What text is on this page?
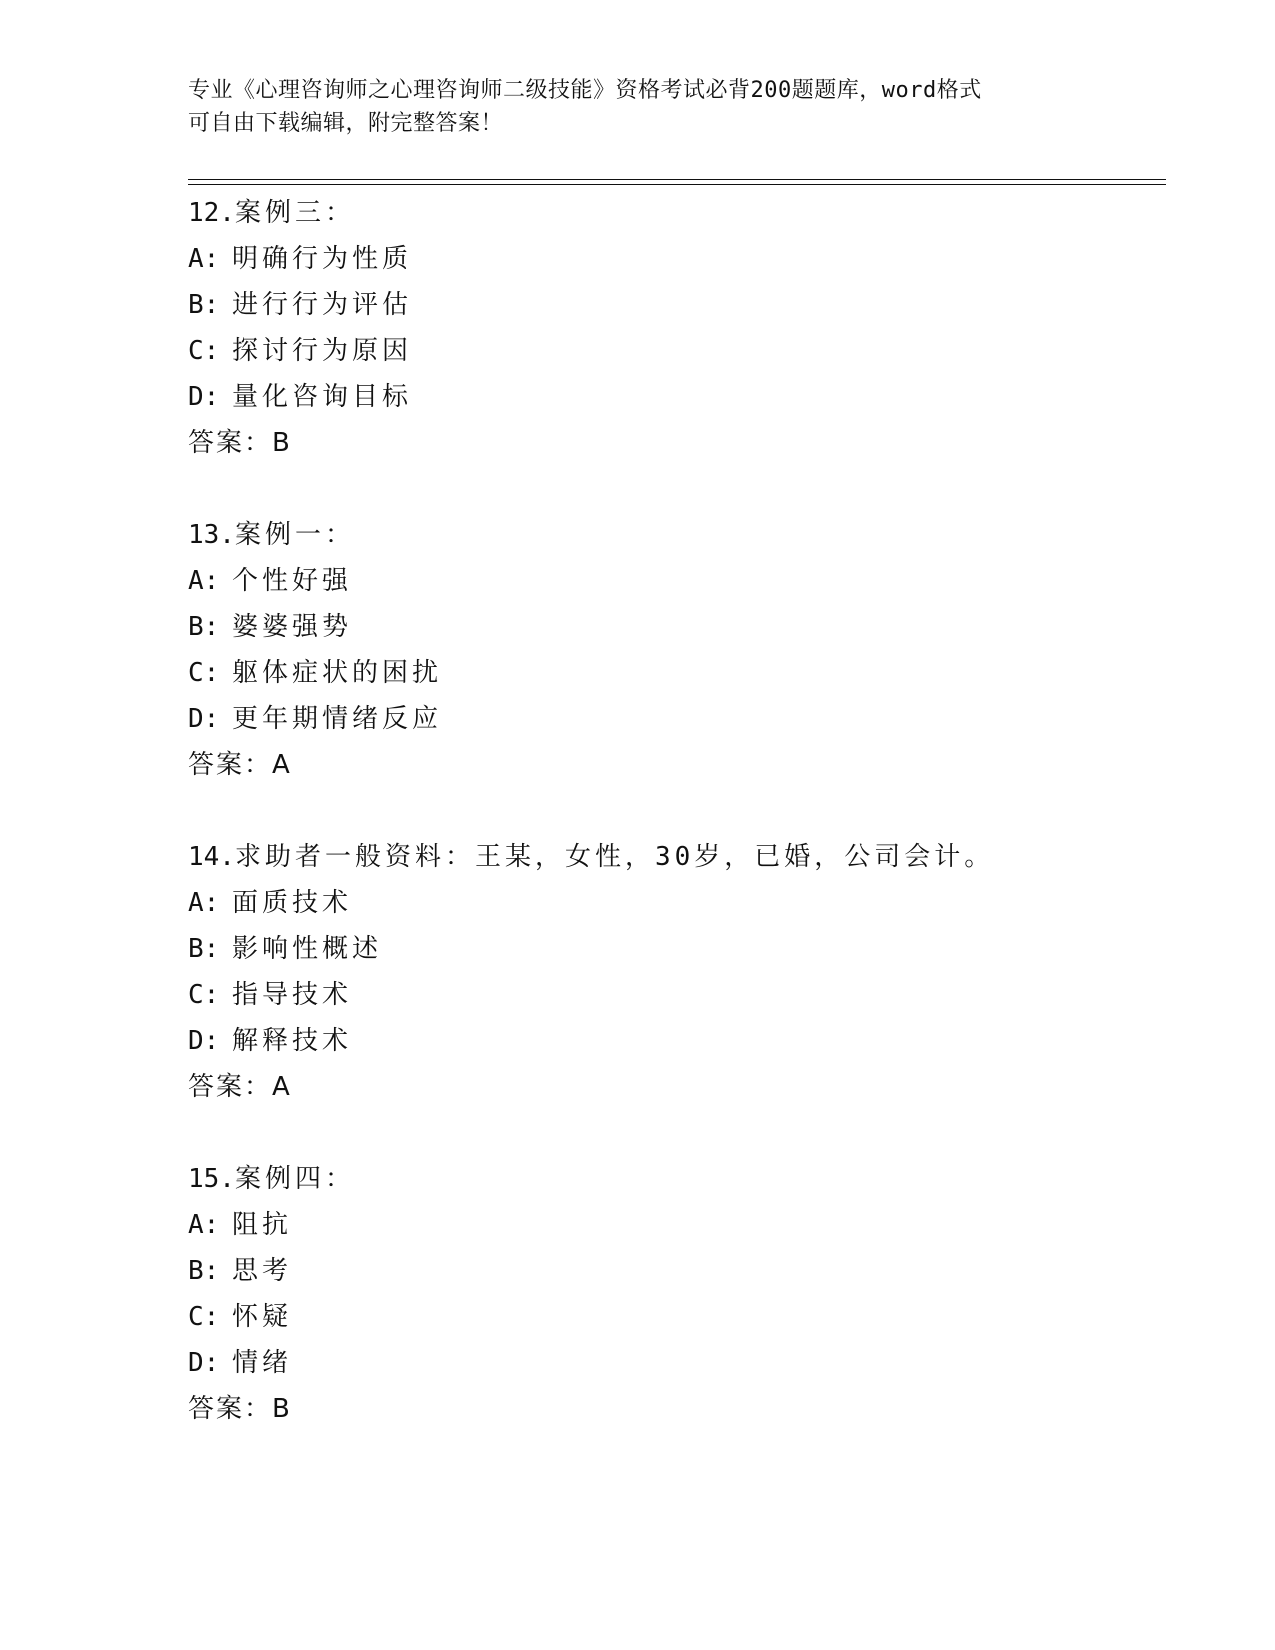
专业《心理咨询师之心理咨询师二级技能》资格考试必背200题题库，word格式
可自由下载编辑，附完整答案！
12.案例三：
A: 明确行为性质
B: 进行行为评估
C: 探讨行为原因
D: 量化咨询目标
答案：B
13.案例一：
A: 个性好强
B: 婆婆强势
C: 躯体症状的困扰
D: 更年期情绪反应
答案：A
14.求助者一般资料：王某，女性，30岁，已婚，公司会计。
A: 面质技术
B: 影响性概述
C: 指导技术
D: 解释技术
答案：A
15.案例四：
A: 阻抗
B: 思考
C: 怀疑
D: 情绪
答案：B
